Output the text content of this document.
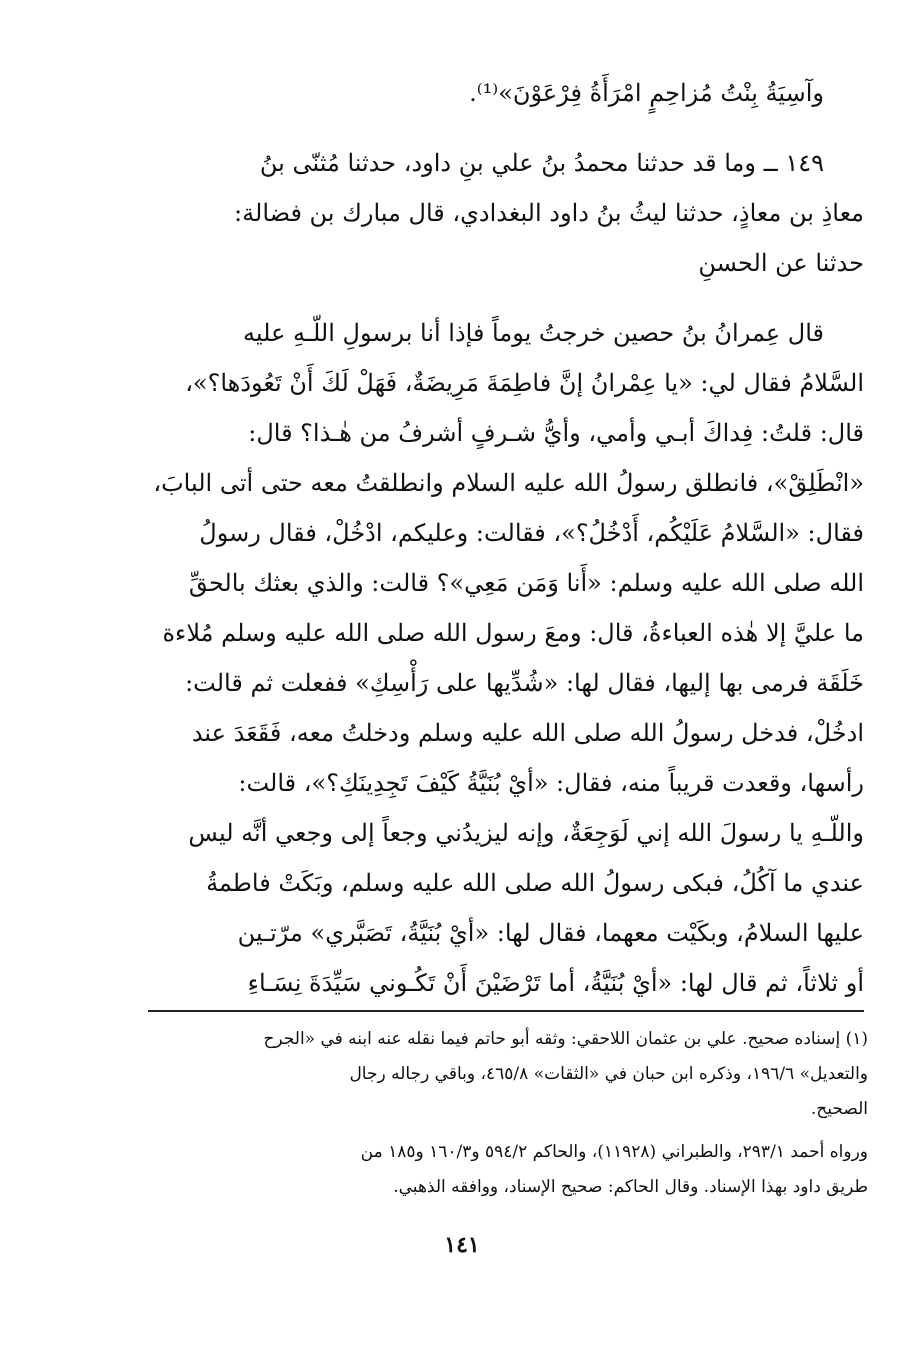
وآسِيَةُ بِنْتُ مُزاحِمٍ امْرَأَةُ فِرْعَوْنَ»⁽¹⁾.

١٤٩ ــ وما قد حدثنا محمدُ بنُ علي بنِ داود، حدثنا مُثنّى بنُ

معاذِ بن معاذٍ، حدثنا ليثُ بنُ داود البغدادي، قال مبارك بن فضالة:

حدثنا عن الحسنِ

قال عِمرانُ بنُ حصين خرجتُ يوماً فإذا أنا برسولِ اللّـهِ عليه

السَّلامُ فقال لي: «يا عِمْرانُ إنَّ فاطِمَةَ مَرِيضَةٌ، فَهَلْ لَكَ أَنْ تَعُودَها؟»،

قال: قلتُ: فِداكَ أبـي وأمي، وأيُّ شـرفٍ أشرفُ من هٰـذا؟ قال:

«انْطَلِقْ»، فانطلق رسولُ الله عليه السلام وانطلقتُ معه حتى أتى البابَ،

فقال: «السَّلامُ عَلَيْكُم، أَدْخُلُ؟»، فقالت: وعليكم، ادْخُلْ، فقال رسولُ

الله صلى الله عليه وسلم: «أَنا وَمَن مَعِي»؟ قالت: والذي بعثك بالحقِّ

ما عليَّ إلا هٰذه العباءةُ، قال: ومعَ رسول الله صلى الله عليه وسلم مُلاءة

خَلَقَة فرمى بها إليها، فقال لها: «شُدِّيها على رَأْسِكِ» ففعلت ثم قالت:

ادخُلْ، فدخل رسولُ الله صلى الله عليه وسلم ودخلتُ معه، فَقَعَدَ عند

رأسها، وقعدت قريباً منه، فقال: «أيْ بُنَيَّةُ كَيْفَ تَجِدِينَكِ؟»، قالت:

واللّـهِ يا رسولَ الله إني لَوَجِعَةٌ، وإنه ليزيدُني وجعاً إلى وجعي أنَّه ليس

عندي ما آكُلُ، فبكى رسولُ الله صلى الله عليه وسلم، وبَكَتْ فاطمةُ

عليها السلامُ، وبكَيْت معهما، فقال لها: «أيْ بُنَيَّةُ، تَصَبَّري» مرّتـين

أو ثلاثاً، ثم قال لها: «أيْ بُنَيَّةُ، أما تَرْضَيْنَ أَنْ تَكُـوني سَيِّدَةَ نِسَـاءِ

(١) إسناده صحيح. علي بن عثمان اللاحقي: وثقه أبو حاتم فيما نقله عنه ابنه في «الجرح

والتعديل» ١٩٦/٦، وذكره ابن حبان في «الثقات» ٤٦٥/٨، وباقي رجاله رجال

الصحيح.

ورواه أحمد ٢٩٣/١، والطبراني (١١٩٢٨)، والحاكم ٥٩٤/٢ و١٦٠/٣ و١٨٥ من

طريق داود بهذا الإسناد. وقال الحاكم: صحيح الإسناد، ووافقه الذهبي.

١٤١
